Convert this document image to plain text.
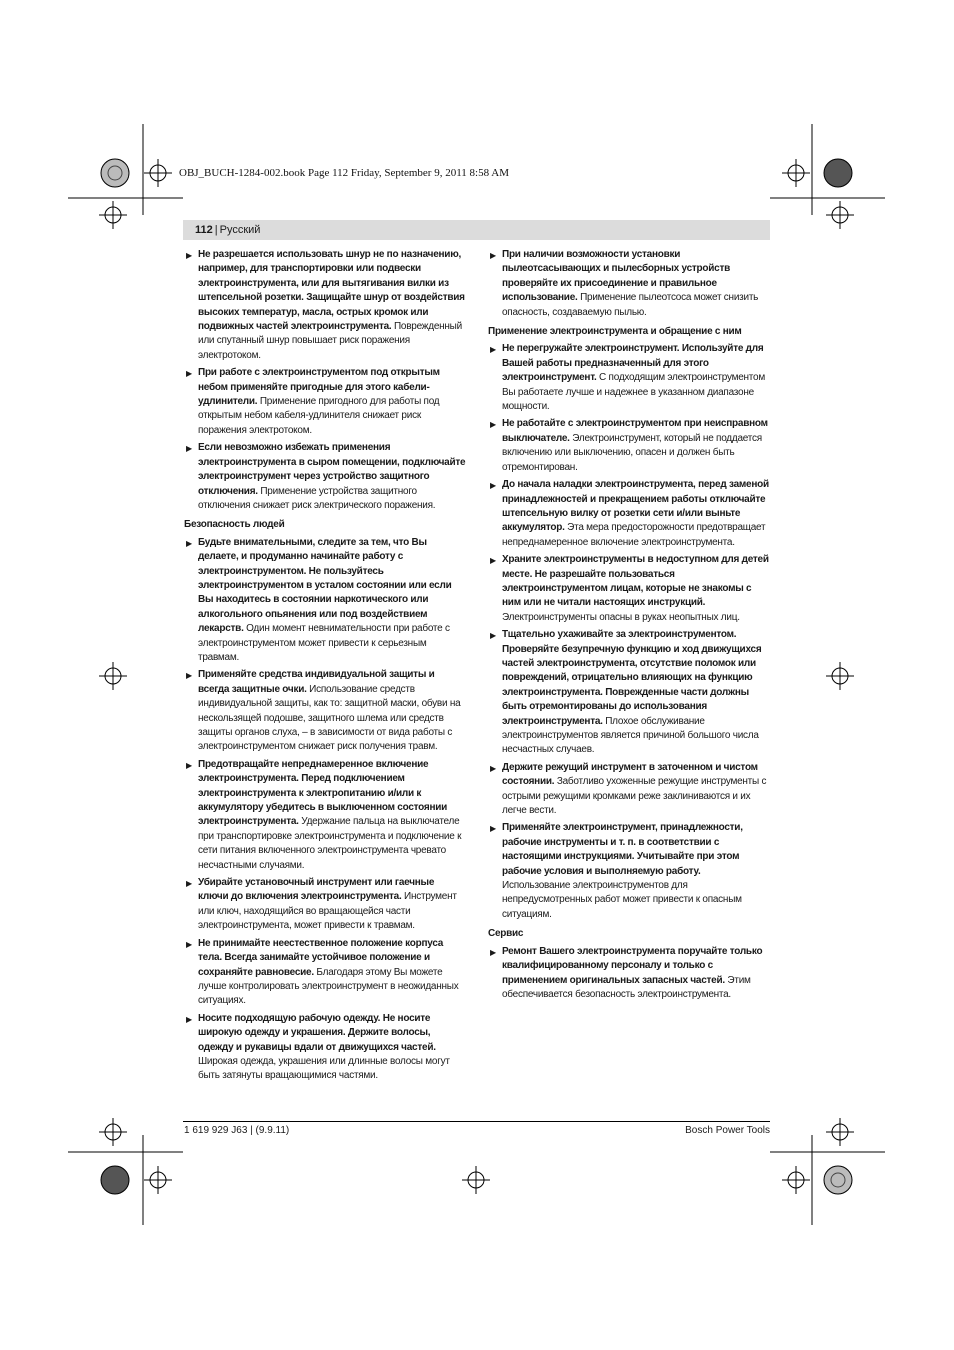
OBJ_BUCH-1284-002.book Page 112 Friday, September 9, 2011 8:58 AM
112 | Русский
▶ Не разрешается использовать шнур не по назначению, например, для транспортировки или подвески электроинструмента, или для вытягивания вилки из штепсельной розетки. Защищайте шнур от воздействия высоких температур, масла, острых кромок или подвижных частей электроинструмента. Поврежденный или спутанный шнур повышает риск поражения электротоком.
▶ При работе с электроинструментом под открытым небом применяйте пригодные для этого кабели-удлинители. Применение пригодного для работы под открытым небом кабеля-удлинителя снижает риск поражения электротоком.
▶ Если невозможно избежать применения электроинструмента в сыром помещении, подключайте электроинструмент через устройство защитного отключения. Применение устройства защитного отключения снижает риск электрического поражения.
Безопасность людей
▶ Будьте внимательными, следите за тем, что Вы делаете, и продуманно начинайте работу с электроинструментом. Не пользуйтесь электроинструментом в усталом состоянии или если Вы находитесь в состоянии наркотического или алкогольного опьянения или под воздействием лекарств. Один момент невнимательности при работе с электроинструментом может привести к серьезным травмам.
▶ Применяйте средства индивидуальной защиты и всегда защитные очки. Использование средств индивидуальной защиты, как то: защитной маски, обуви на нескользящей подошве, защитного шлема или средств защиты органов слуха, – в зависимости от вида работы с электроинструментом снижает риск получения травм.
▶ Предотвращайте непреднамеренное включение электроинструмента. Перед подключением электроинструмента к электропитанию и/или к аккумулятору убедитесь в выключенном состоянии электроинструмента. Удержание пальца на выключателе при транспортировке электроинструмента и подключение к сети питания включенного электроинструмента чревато несчастными случаями.
▶ Убирайте установочный инструмент или гаечные ключи до включения электроинструмента. Инструмент или ключ, находящийся во вращающейся части электроинструмента, может привести к травмам.
▶ Не принимайте неестественное положение корпуса тела. Всегда занимайте устойчивое положение и сохраняйте равновесие. Благодаря этому Вы можете лучше контролировать электроинструмент в неожиданных ситуациях.
▶ Носите подходящую рабочую одежду. Не носите широкую одежду и украшения. Держите волосы, одежду и рукавицы вдали от движущихся частей. Широкая одежда, украшения или длинные волосы могут быть затянуты вращающимися частями.
▶ При наличии возможности установки пылеотсасывающих и пылесборных устройств проверяйте их присоединение и правильное использование. Применение пылеотсоса может снизить опасность, создаваемую пылью.
Применение электроинструмента и обращение с ним
▶ Не перегружайте электроинструмент. Используйте для Вашей работы предназначенный для этого электроинструмент. С подходящим электроинструментом Вы работаете лучше и надежнее в указанном диапазоне мощности.
▶ Не работайте с электроинструментом при неисправном выключателе. Электроинструмент, который не поддается включению или выключению, опасен и должен быть отремонтирован.
▶ До начала наладки электроинструмента, перед заменой принадлежностей и прекращением работы отключайте штепсельную вилку от розетки сети и/или выньте аккумулятор. Эта мера предосторожности предотвращает непреднамеренное включение электроинструмента.
▶ Храните электроинструменты в недоступном для детей месте. Не разрешайте пользоваться электроинструментом лицам, которые не знакомы с ним или не читали настоящих инструкций. Электроинструменты опасны в руках неопытных лиц.
▶ Тщательно ухаживайте за электроинструментом. Проверяйте безупречную функцию и ход движущихся частей электроинструмента, отсутствие поломок или повреждений, отрицательно влияющих на функцию электроинструмента. Поврежденные части должны быть отремонтированы до использования электроинструмента. Плохое обслуживание электроинструментов является причиной большого числа несчастных случаев.
▶ Держите режущий инструмент в заточенном и чистом состоянии. Заботливо ухоженные режущие инструменты с острыми режущими кромками реже заклиниваются и их легче вести.
▶ Применяйте электроинструмент, принадлежности, рабочие инструменты и т. п. в соответствии с настоящими инструкциями. Учитывайте при этом рабочие условия и выполняемую работу. Использование электроинструментов для непредусмотренных работ может привести к опасным ситуациям.
Сервис
▶ Ремонт Вашего электроинструмента поручайте только квалифицированному персоналу и только с применением оригинальных запасных частей. Этим обеспечивается безопасность электроинструмента.
1 619 929 J63 | (9.9.11)	Bosch Power Tools
